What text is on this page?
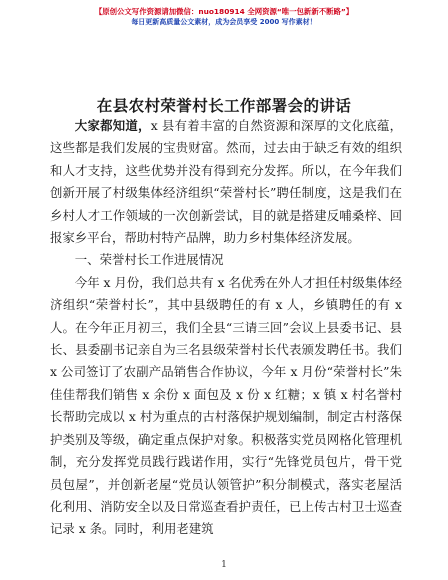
【原创公文写作资源请加微信：nuo180914 全网资源“唯一包新新不断路”】
每日更新高质量公文素材，成为会员享受 2000 写作素材！
在县农村荣誉村长工作部署会的讲话

大家都知道，x 县有着丰富的自然资源和深厚的文化底蕴，这些都是我们发展的宝贵财富。然而，过去由于缺乏有效的组织和人才支持，这些优势并没有得到充分发挥。所以，在今年我们创新开展了村级集体经济组织“荣誉村长”聘任制度，这是我们在乡村人才工作领域的一次创新尝试，目的就是搭建反哺桑梓、回报家乡平台，帮助村特产品牌，助力乡村集体经济发展。

一、荣誉村长工作进展情况

今年 x 月份，我们总共有 x 名优秀在外人才担任村级集体经济组织“荣誉村长”，其中县级聘任的有 x 人，乡镇聘任的有 x 人。在今年正月初三，我们全县“三请三回”会议上县委书记、县长、县委副书记亲自为三名县级荣誉村长代表颁发聘任书。我们 x 公司签订了农副产品销售合作协议，今年 x 月份“荣誉村长”朱佳佳帮我们销售 x 余份 x 面包及 x 份 x 红糖；x 镇 x 村名誉村长帮助完成以 x 村为重点的古村落保护规划编制，制定古村落保护类别及等级，确定重点保护对象。积极落实党员网格化管理机制，充分发挥党员践行践诺作用，实行“先锋党员包片，骨干党员包屋”，并创新老屋“党员认领管护”积分制模式，落实老屋活化利用、消防安全以及日常巡查看护责任，已上传古村卫士巡查记录 x 条。同时，利用老建筑

1
